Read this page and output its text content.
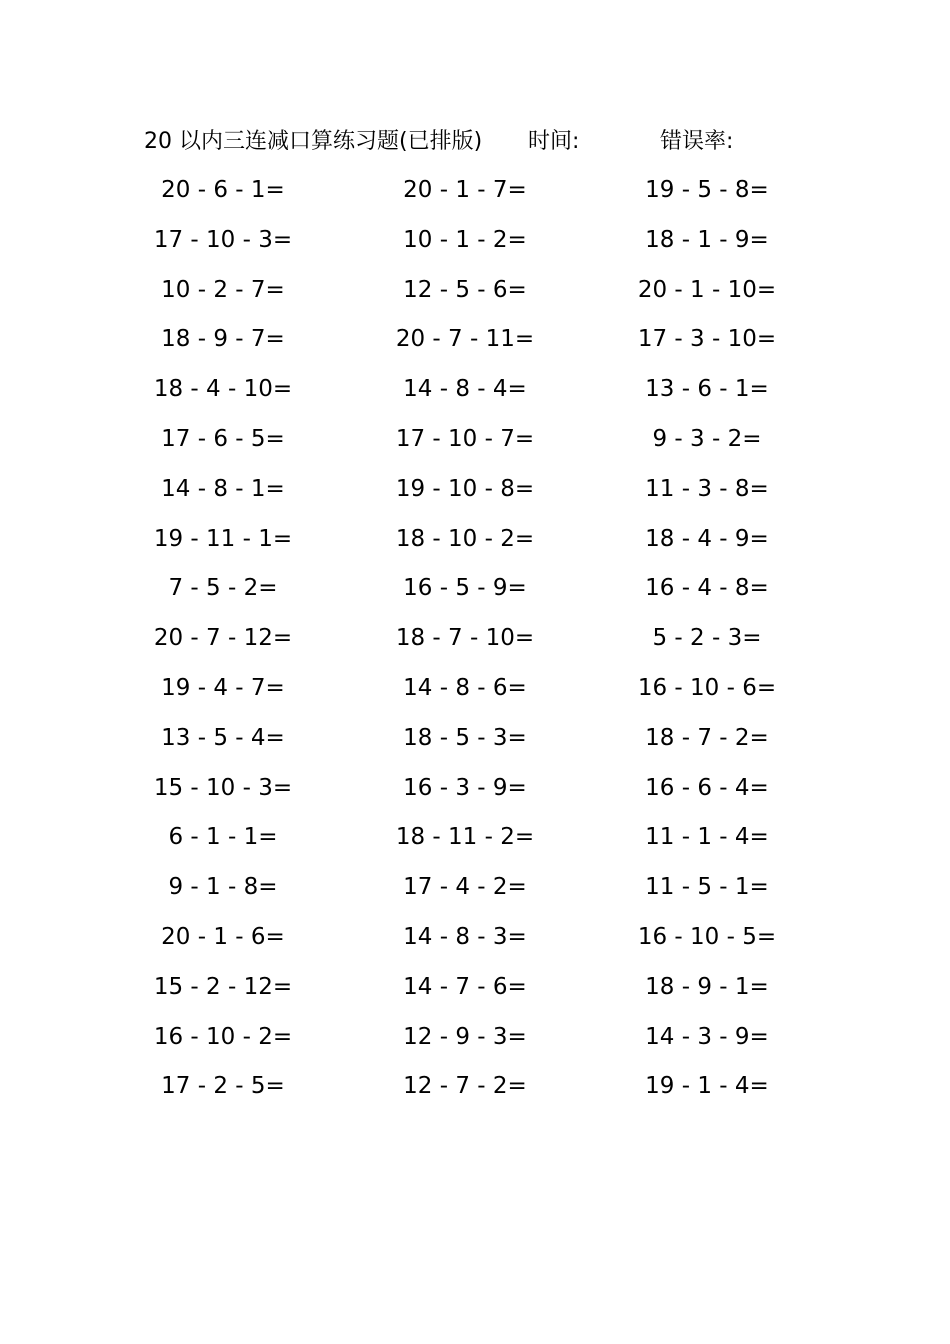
20 以内三连减口算练习题(已排版) 时间:	错误率:
20 - 6 - 1=	20 - 1 - 7=	19 - 5 - 8=
17 - 10 - 3=	10 - 1 - 2=	18 - 1 - 9=
10 - 2 - 7=	12 - 5 - 6=	20 - 1 - 10=
18 - 9 - 7=	20 - 7 - 11=	17 - 3 - 10=
18 - 4 - 10=	14 - 8 - 4=	13 - 6 - 1=
17 - 6 - 5=	17 - 10 - 7=	9 - 3 - 2=
14 - 8 - 1=	19 - 10 - 8=	11 - 3 - 8=
19 - 11 - 1=	18 - 10 - 2=	18 - 4 - 9=
7 - 5 - 2=	16 - 5 - 9=	16 - 4 - 8=
20 - 7 - 12=	18 - 7 - 10=	5 - 2 - 3=
19 - 4 - 7=	14 - 8 - 6=	16 - 10 - 6=
13 - 5 - 4=	18 - 5 - 3=	18 - 7 - 2=
15 - 10 - 3=	16 - 3 - 9=	16 - 6 - 4=
6 - 1 - 1=	18 - 11 - 2=	11 - 1 - 4=
9 - 1 - 8=	17 - 4 - 2=	11 - 5 - 1=
20 - 1 - 6=	14 - 8 - 3=	16 - 10 - 5=
15 - 2 - 12=	14 - 7 - 6=	18 - 9 - 1=
16 - 10 - 2=	12 - 9 - 3=	14 - 3 - 9=
17 - 2 - 5=	12 - 7 - 2=	19 - 1 - 4=
